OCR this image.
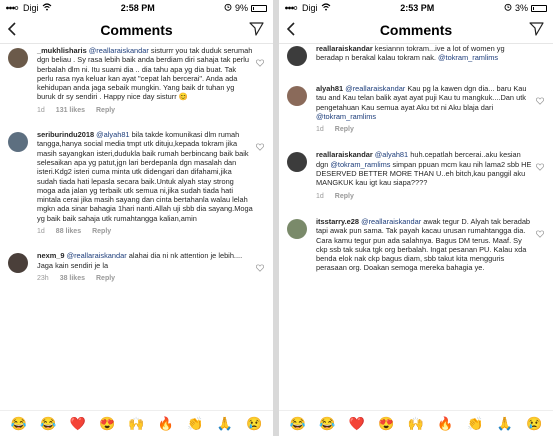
Digi	2:58 PM	9%
Comments
_mukhlisharis @reallaraiskandar sisturrr you tak duduk serumah dgn beliau . Sy rasa lebih baik anda berdiam diri sahaja tak perlu berbalah dlm ni. Itu suami dia .. dia tahu apa yg dia buat. Tak perlu rasa nya keluar kan ayat "cepat lah bercerai". Anda ada kehidupan anda jaga sebaik mungkin. Yang baik dr tuhan yg buruk dr sy sendiri . Happy nice day sisturr 😊
1d 131 likes Reply
seriburindu2018 @alyah81 bila takde komunikasi dlm rumah tangga,hanya social media tmpt utk dituju,kepada tokram jika masih sayangkan isteri,dudukla baik rumah berbincang baik baik selesaikan apa yg patut,jgn lari berdepanla dgn masalah dan isteri.Kdg2 isteri cuma minta utk didengari dan difahami,jika sudah tiada hati lepasla secara baik.Untuk alyah stay strong moga ada jalan yg terbaik utk semua ni,jika sudah tiada hati mintala cerai jika masih sayang dan cinta bertahanla walau lelah mgkn ada sinar bahagia 1hari nanti.Allah uji sbb dia sayang.Moga yg baik baik sahaja utk rumahtangga kalian,amin
1d 88 likes Reply
nexm_9 @reallaraiskandar alahai dia ni nk attention je lebih.... Jaga kain sendiri je la
23h 38 likes Reply
😂 😂 ❤️ 😍 🙌 🔥 👏 🙏 😢
Digi	2:53 PM	3%
Comments
reallaraiskandar kesiannn tokram...ive a lot of women yg beradap n berakal kalau tokram nak. @tokram_ramlims
alyah81 @reallaraiskandar Kau pg la kawen dgn dia... baru Kau tau and Kau telan balik ayat ayat puji Kau tu mangkuk....Dan utk pengetahuan Kau semua ayat Aku txt ni Aku blaja dari @tokram_ramlims
1d Reply
reallaraiskandar @alyah81 huh.cepatlah bercerai..aku kesian dgn @tokram_ramlims simpan ppuan mcm kau nih lama2 sbb HE DESERVED BETTER MORE THAN U..eh bitch,kau panggil aku MANGKUK kau igt kau siapa????
1d Reply
itsstarry.e28 @reallaraiskandar awak tegur D. Alyah tak beradab tapi awak pun sama. Tak payah kacau urusan rumahtangga dia. Cara kamu tegur pun ada salahnya. Bagus DM terus. Maaf. Sy ckp ssb tak suka tgk org berbalah. Ingat pesanan PU. Kalau xda benda elok nak ckp bagus diam, sbb takut kita mengguris perasaan org. Doakan semoga mereka bahagia ye.
😂 😂 ❤️ 😍 🙌 🔥 👏 🙏 😢
